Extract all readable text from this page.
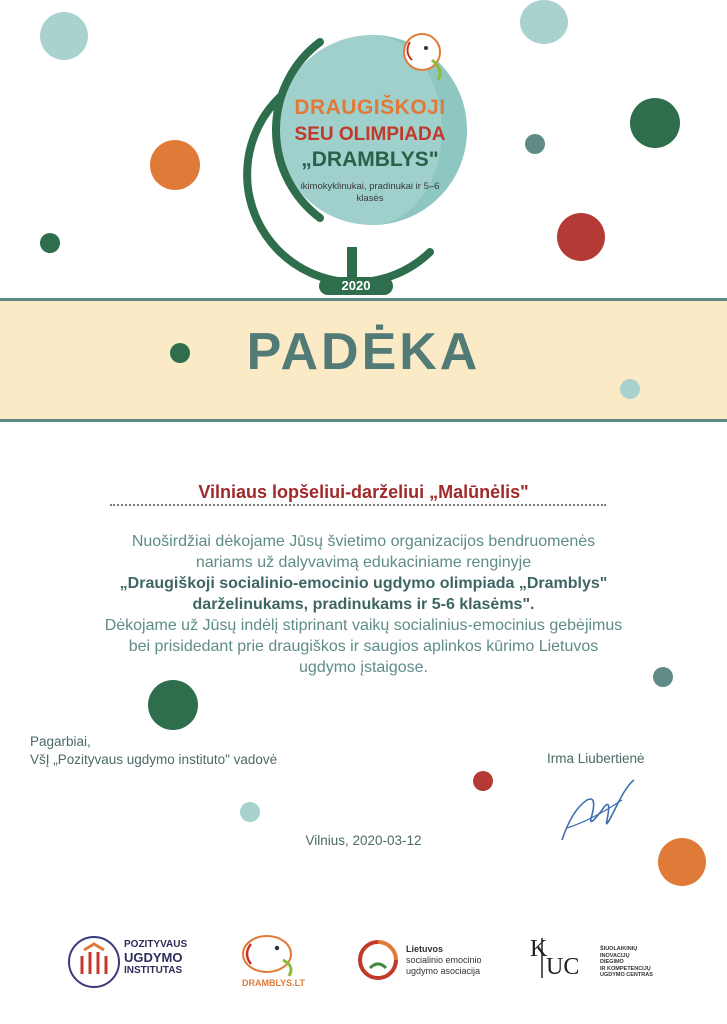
DRAUGIŠKOJI
SEU OLIMPIADA
„DRAMBLYS"
ikimokyklinukai, pradinukai ir 5–6 klasės
2020
PADĖKA
Vilniaus lopšeliui-darželiui „Malūnėlis"
Nuoširdžiai dėkojame Jūsų švietimo organizacijos bendruomenės
nariams už dalyvavimą edukaciniame renginyje
„Draugiškoji socialinio-emocinio ugdymo olimpiada „Dramblys"
darželinukams, pradinukams ir 5-6 klasėms".
Dėkojame už Jūsų indėlį stiprinant vaikų socialinius-emocinius gebėjimus
bei prisidedant prie draugiškos ir saugios aplinkos kūrimo Lietuvos
ugdymo įstaigose.
Pagarbiai,
VšĮ „Pozityvaus ugdymo instituto" vadovė	Irma Liubertienė
Vilnius, 2020-03-12
POZITYVAUS
UGDYMO
INSTITUTAS
DRAMBLYS.LT
Lietuvos
socialinio emocinio
ugdymo asociacija
K
UC
ŠIUOLAIKINIŲ
INOVACIJŲ
DIEGIMO
IR KOMPETENCIJŲ
UGDYMO CENTRAS
